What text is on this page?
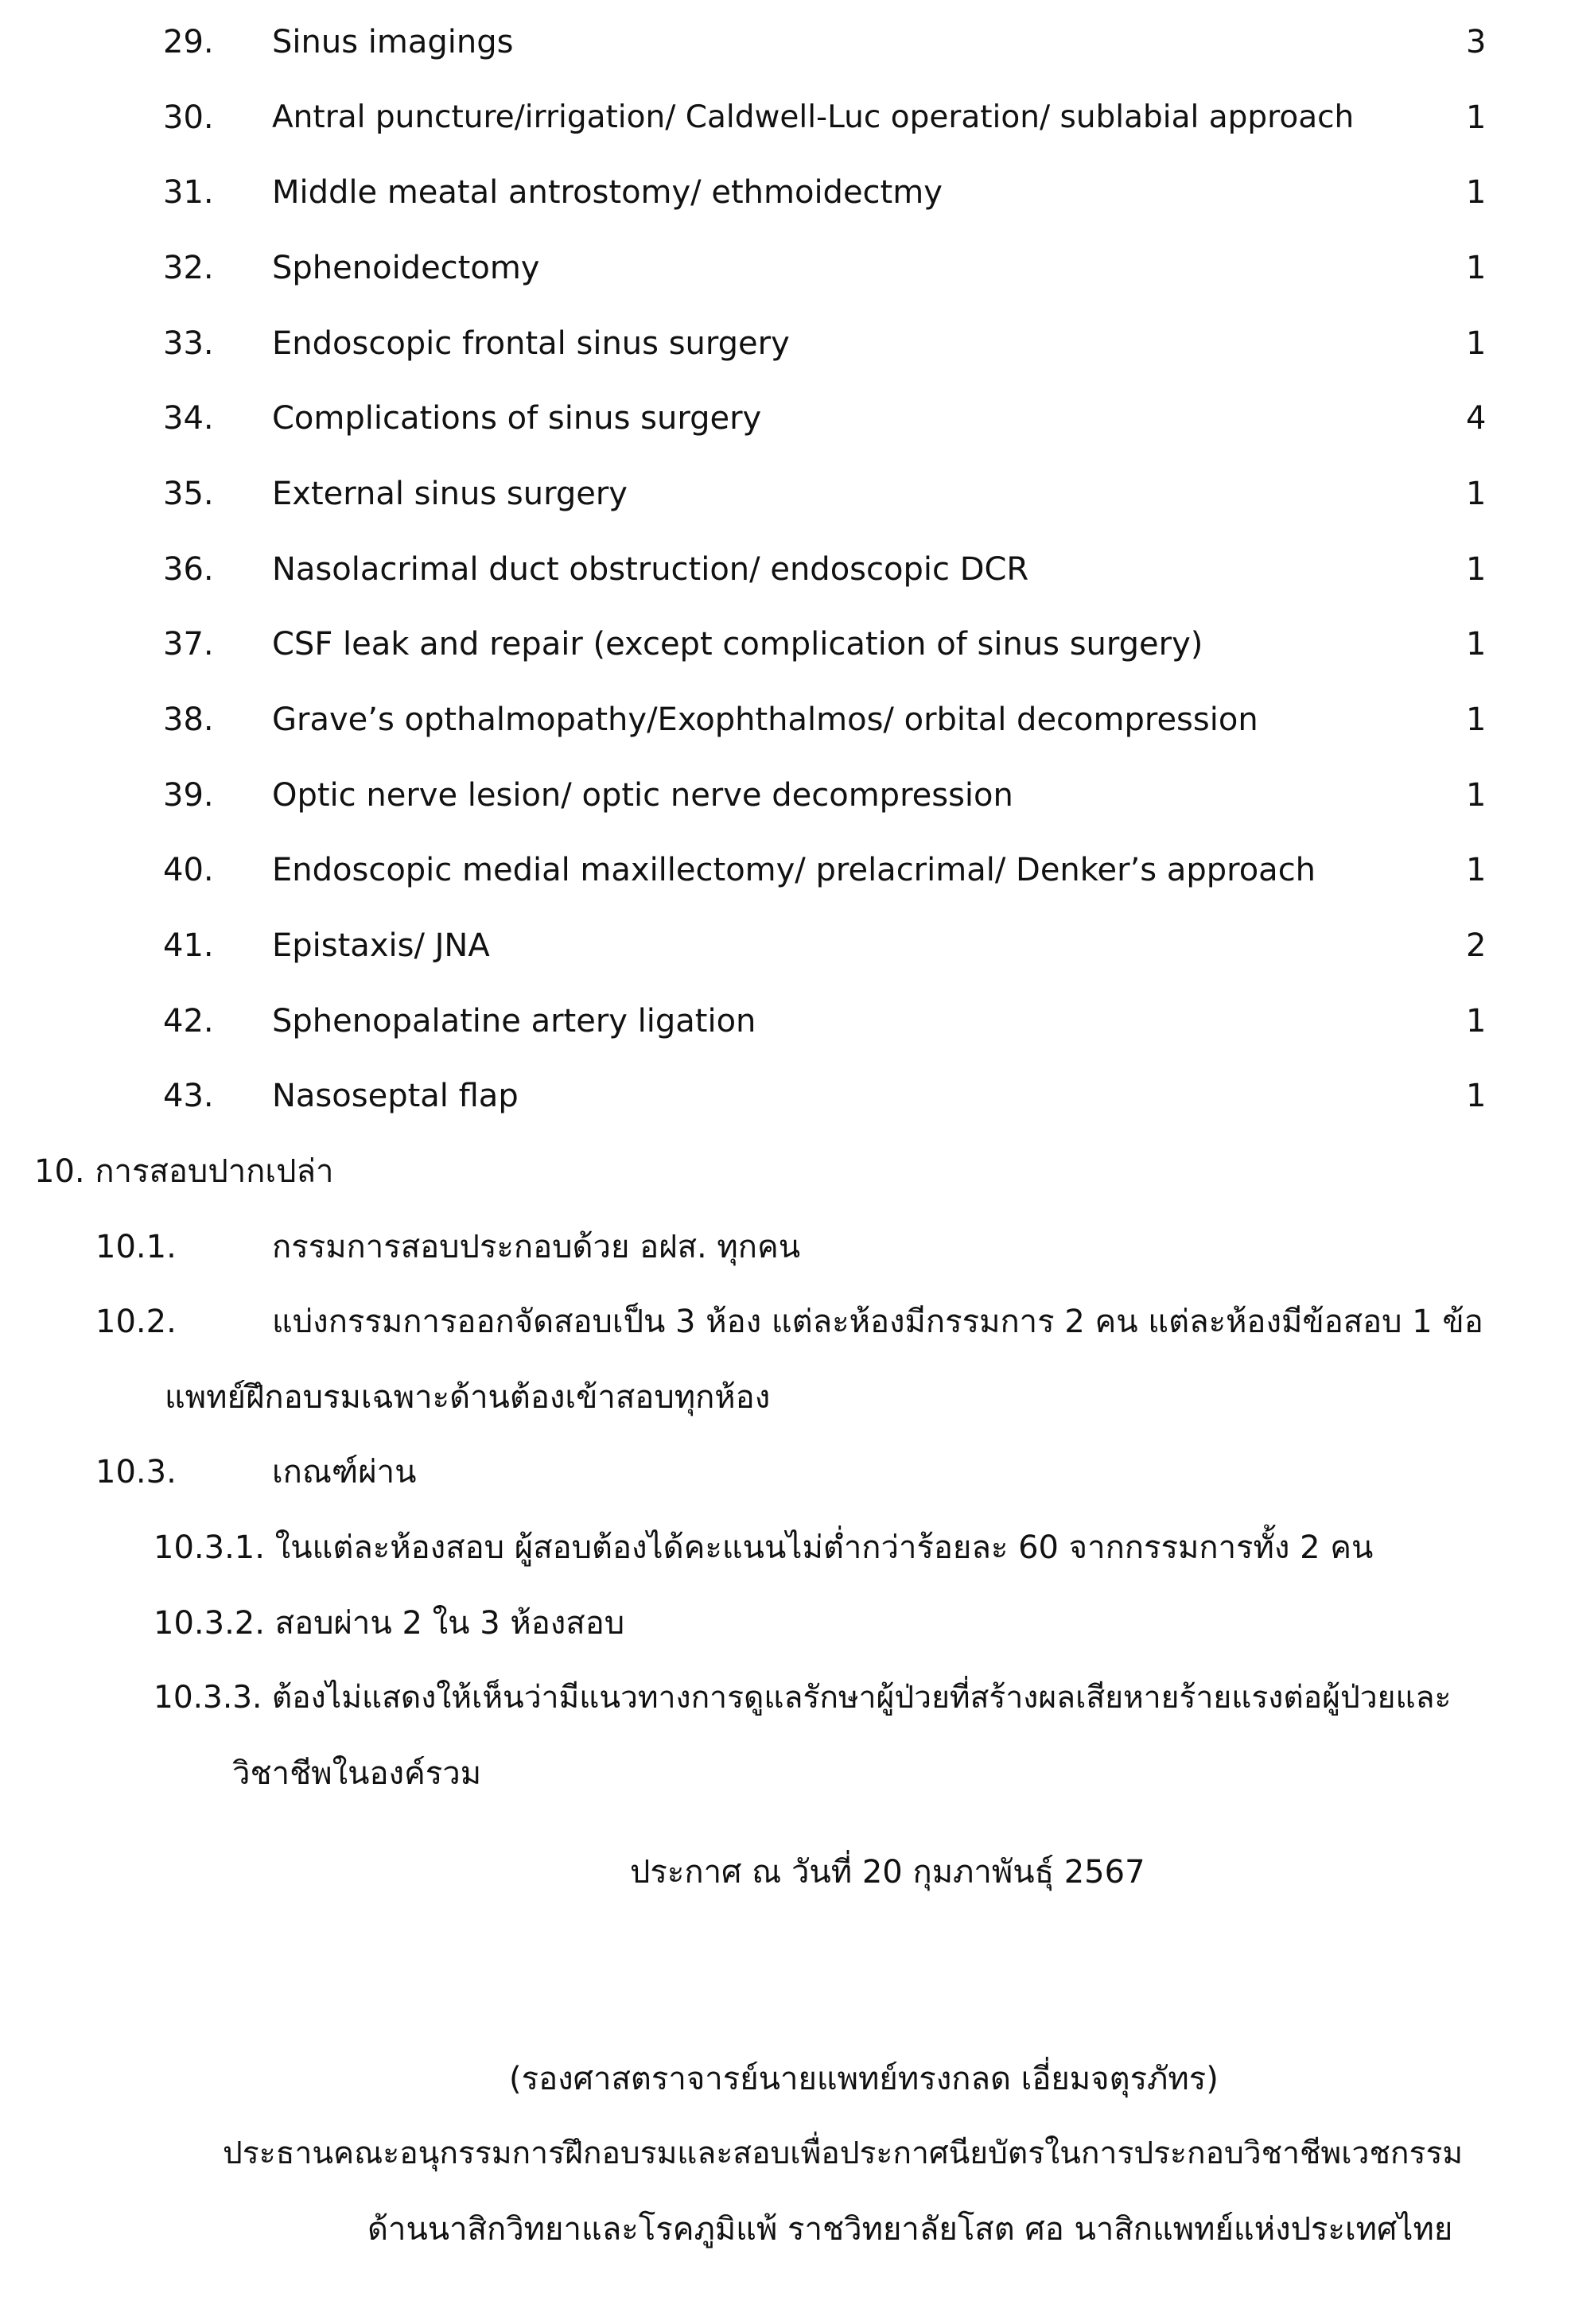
29. Sinus imagings	3
30. Antral puncture/irrigation/ Caldwell-Luc operation/ sublabial approach	1
31. Middle meatal antrostomy/ ethmoidectmy	1
32. Sphenoidectomy	1
33. Endoscopic frontal sinus surgery	1
34. Complications of sinus surgery	4
35. External sinus surgery	1
36. Nasolacrimal duct obstruction/ endoscopic DCR	1
37. CSF leak and repair (except complication of sinus surgery)	1
38. Grave’s opthalmopathy/Exophthalmos/ orbital decompression	1
39. Optic nerve lesion/ optic nerve decompression	1
40. Endoscopic medial maxillectomy/ prelacrimal/ Denker’s approach	1
41. Epistaxis/ JNA	2
42. Sphenopalatine artery ligation	1
43. Nasoseptal flap	1
10. การสอบปากเปล่า
10.1.	กรรมการสอบประกอบด้วย อฝส. ทุกคน
10.2.	แบ่งกรรมการออกจัดสอบเป็น 3 ห้อง แต่ละห้องมีกรรมการ 2 คน แต่ละห้องมีข้อสอบ 1 ข้อ
แพทย์ฝึกอบรมเฉพาะด้านต้องเข้าสอบทุกห้อง
10.3.	เกณฑ์ผ่าน
10.3.1. ในแต่ละห้องสอบ ผู้สอบต้องได้คะแนนไม่ต่ำกว่าร้อยละ 60 จากกรรมการทั้ง 2 คน
10.3.2. สอบผ่าน 2 ใน 3 ห้องสอบ
10.3.3. ต้องไม่แสดงให้เห็นว่ามีแนวทางการดูแลรักษาผู้ป่วยที่สร้างผลเสียหายร้ายแรงต่อผู้ป่วยและ
วิชาชีพในองค์รวม
ประกาศ ณ วันที่ 20 กุมภาพันธุ์ 2567
(รองศาสตราจารย์นายแพทย์ทรงกลด เอี่ยมจตุรภัทร)
ประธานคณะอนุกรรมการฝึกอบรมและสอบเพื่อประกาศนียบัตรในการประกอบวิชาชีพเวชกรรม
ด้านนาสิกวิทยาและโรคภูมิแพ้ ราชวิทยาลัยโสต ศอ นาสิกแพทย์แห่งประเทศไทย
